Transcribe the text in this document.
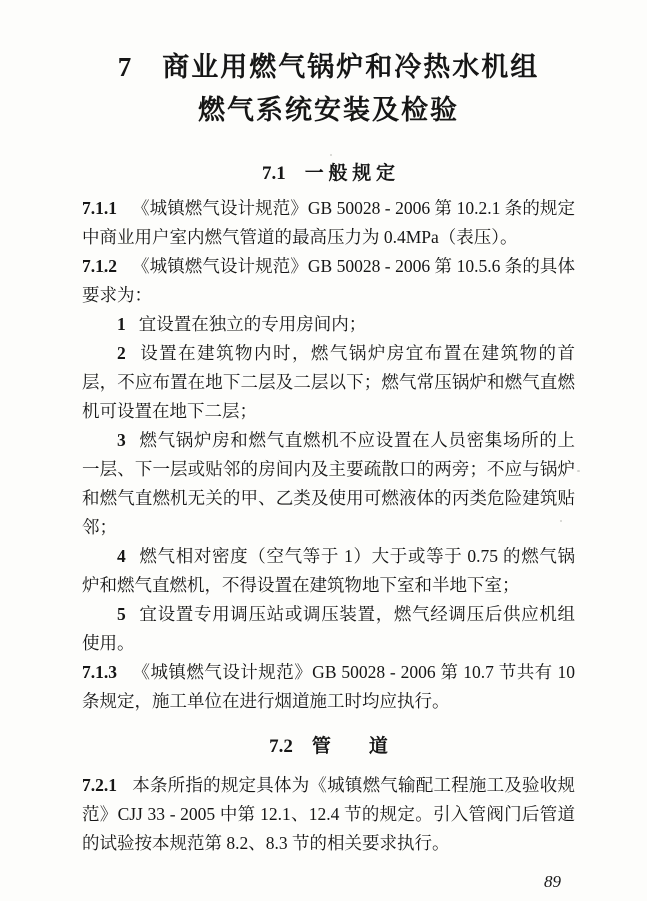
7　商业用燃气锅炉和冷热水机组
燃气系统安装及检验
7.1　一 般 规 定

7.1.1 《城镇燃气设计规范》GB 50028 - 2006 第 10.2.1 条的规定中商业用户室内燃气管道的最高压力为 0.4MPa（表压）。

7.1.2 《城镇燃气设计规范》GB 50028 - 2006 第 10.5.6 条的具体要求为：

1 宜设置在独立的专用房间内；

2 设置在建筑物内时，燃气锅炉房宜布置在建筑物的首层，不应布置在地下二层及二层以下；燃气常压锅炉和燃气直燃机可设置在地下二层；

3 燃气锅炉房和燃气直燃机不应设置在人员密集场所的上一层、下一层或贴邻的房间内及主要疏散口的两旁；不应与锅炉和燃气直燃机无关的甲、乙类及使用可燃液体的丙类危险建筑贴邻；

4 燃气相对密度（空气等于 1）大于或等于 0.75 的燃气锅炉和燃气直燃机，不得设置在建筑物地下室和半地下室；

5 宜设置专用调压站或调压装置，燃气经调压后供应机组使用。

7.1.3 《城镇燃气设计规范》GB 50028 - 2006 第 10.7 节共有 10 条规定，施工单位在进行烟道施工时均应执行。

7.2　管　　道

7.2.1 本条所指的规定具体为《城镇燃气输配工程施工及验收规范》CJJ 33 - 2005 中第 12.1、12.4 节的规定。引入管阀门后管道的试验按本规范第 8.2、8.3 节的相关要求执行。

89
